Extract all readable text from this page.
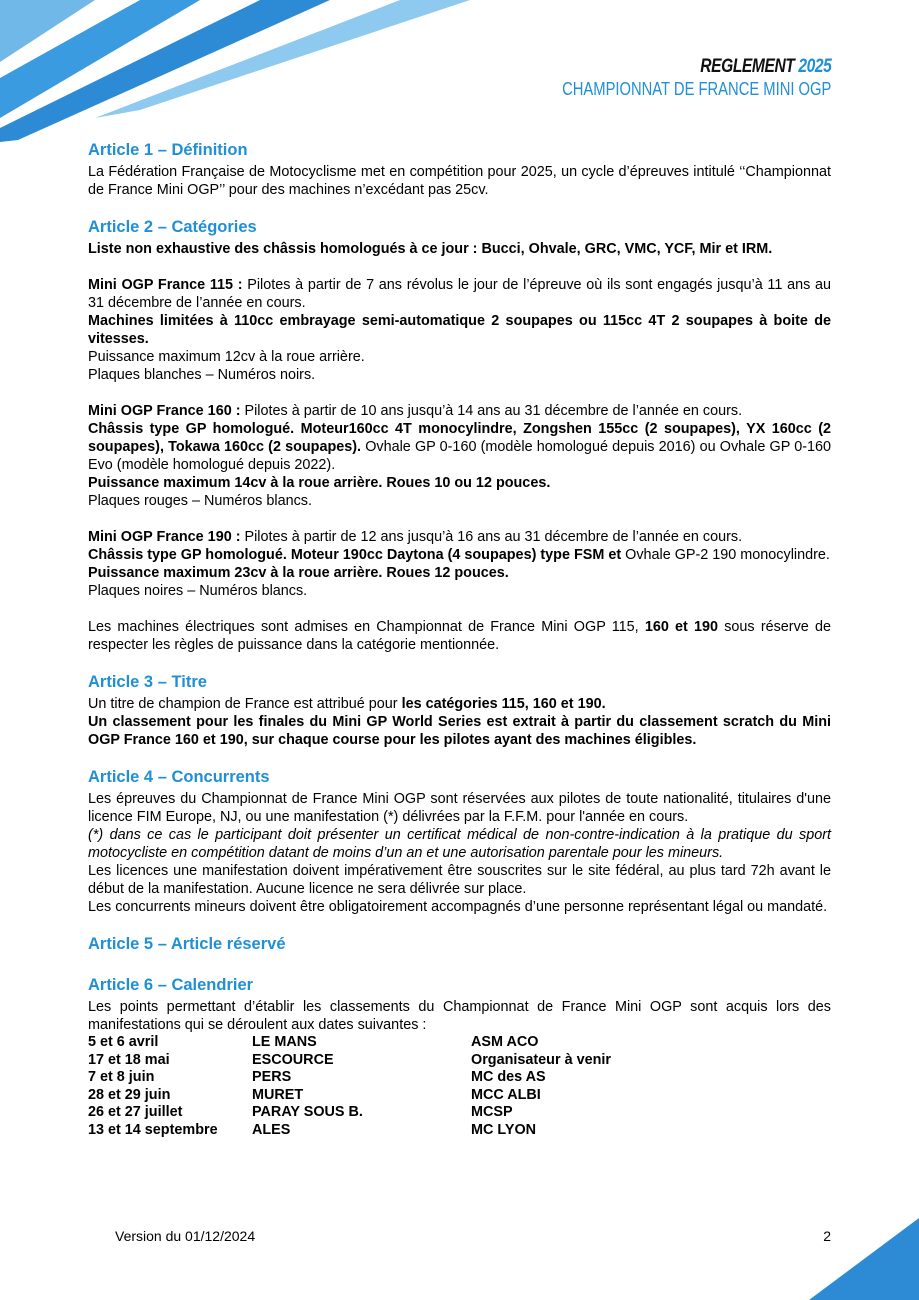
REGLEMENT 2025
CHAMPIONNAT DE FRANCE MINI OGP
Article 1 – Définition

La Fédération Française de Motocyclisme met en compétition pour 2025, un cycle d’épreuves intitulé ‘‘Championnat de France Mini OGP’’ pour des machines n’excédant pas 25cv.

Article 2 – Catégories

Liste non exhaustive des châssis homologués à ce jour : Bucci, Ohvale, GRC, VMC, YCF, Mir et IRM.

Mini OGP France 115 : Pilotes à partir de 7 ans révolus le jour de l’épreuve où ils sont engagés jusqu’à 11 ans au 31 décembre de l’année en cours.

Machines limitées à 110cc embrayage semi-automatique 2 soupapes ou 115cc 4T 2 soupapes à boite de vitesses.

Puissance maximum 12cv à la roue arrière.

Plaques blanches – Numéros noirs.

Mini OGP France 160 : Pilotes à partir de 10 ans jusqu’à 14 ans au 31 décembre de l’année en cours.

Châssis type GP homologué. Moteur160cc 4T monocylindre, Zongshen 155cc (2 soupapes), YX 160cc (2 soupapes), Tokawa 160cc (2 soupapes). Ovhale GP 0-160 (modèle homologué depuis 2016) ou Ovhale GP 0-160 Evo (modèle homologué depuis 2022).

Puissance maximum 14cv à la roue arrière. Roues 10 ou 12 pouces.

Plaques rouges – Numéros blancs.

Mini OGP France 190 : Pilotes à partir de 12 ans jusqu’à 16 ans au 31 décembre de l’année en cours.

Châssis type GP homologué. Moteur 190cc Daytona (4 soupapes) type FSM et Ovhale GP-2 190 monocylindre.

Puissance maximum 23cv à la roue arrière. Roues 12 pouces.

Plaques noires – Numéros blancs.

Les machines électriques sont admises en Championnat de France Mini OGP 115, 160 et 190 sous réserve de respecter les règles de puissance dans la catégorie mentionnée.

Article 3 – Titre

Un titre de champion de France est attribué pour les catégories 115, 160 et 190.

Un classement pour les finales du Mini GP World Series est extrait à partir du classement scratch du Mini OGP France 160 et 190, sur chaque course pour les pilotes ayant des machines éligibles.

Article 4 – Concurrents

Les épreuves du Championnat de France Mini OGP sont réservées aux pilotes de toute nationalité, titulaires d'une licence FIM Europe, NJ, ou une manifestation (*) délivrées par la F.F.M. pour l'année en cours.

(*) dans ce cas le participant doit présenter un certificat médical de non-contre-indication à la pratique du sport motocycliste en compétition datant de moins d’un an et une autorisation parentale pour les mineurs.

Les licences une manifestation doivent impérativement être souscrites sur le site fédéral, au plus tard 72h avant le début de la manifestation. Aucune licence ne sera délivrée sur place.

Les concurrents mineurs doivent être obligatoirement accompagnés d’une personne représentant légal ou mandaté.

Article 5 – Article réservé
Article 6 – Calendrier

Les points permettant d’établir les classements du Championnat de France Mini OGP sont acquis lors des manifestations qui se déroulent aux dates suivantes :

5 et 6 avril	LE MANS	ASM ACO
17 et 18 mai	ESCOURCE	Organisateur à venir
7 et 8 juin	PERS	MC des AS
28 et 29 juin	MURET	MCC ALBI
26 et 27 juillet	PARAY SOUS B.	MCSP
13 et 14 septembre	ALES	MC LYON
Version du 01/12/2024	2
